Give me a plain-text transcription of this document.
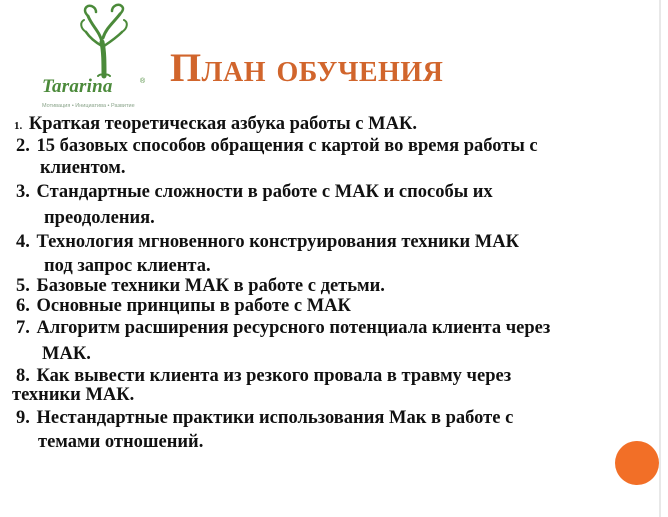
Tararina	®
Мотивация • Инициатива • Развитие
План обучения
1. Краткая теоретическая азбука работы с МАК.
2. 15 базовых способов обращения с картой во время работы с
клиентом.
3. Стандартные сложности в работе с МАК и способы их
преодоления.
4. Технология мгновенного конструирования техники МАК
под запрос клиента.
5. Базовые техники МАК в работе с детьми.
6. Основные принципы в работе с МАК
7. Алгоритм расширения ресурсного потенциала клиента через
МАК.
8. Как вывести клиента из резкого провала в травму через
техники МАК.
9. Нестандартные практики использования Мак в работе с
темами отношений.
